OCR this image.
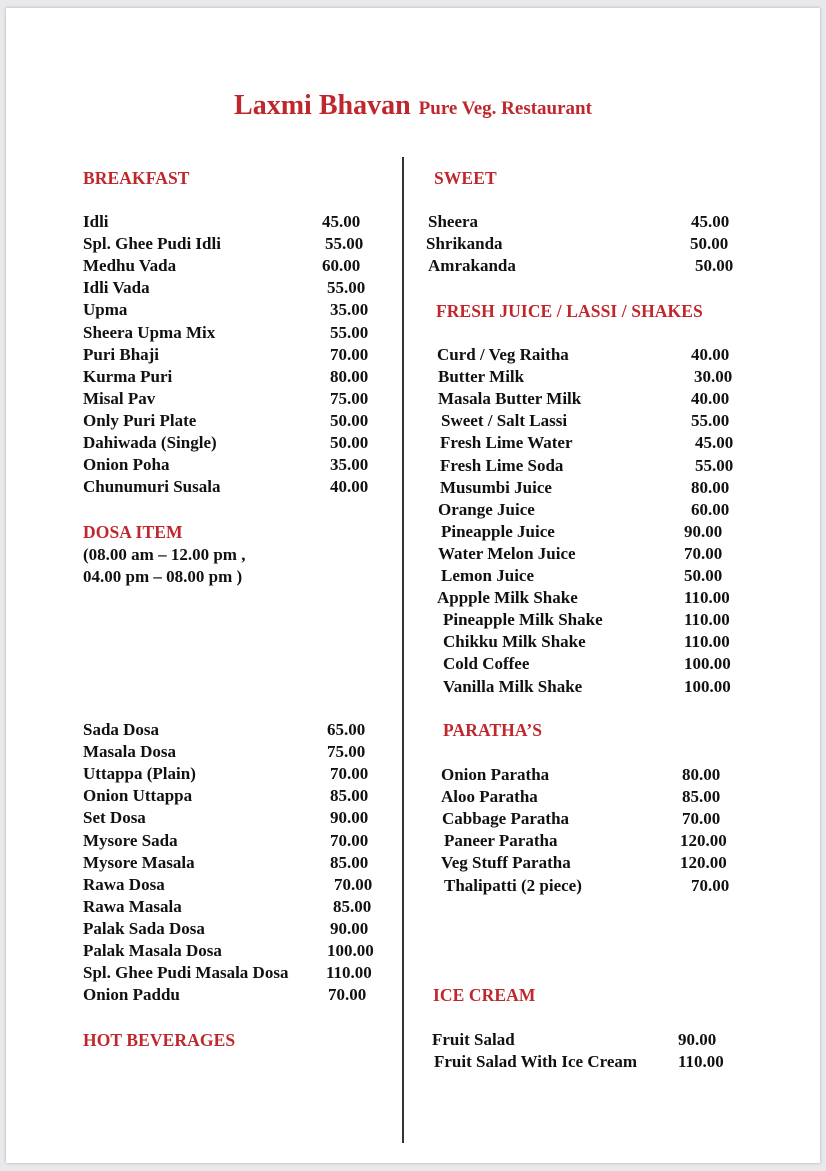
Laxmi Bhavan Pure Veg. Restaurant
BREAKFAST
DOSA ITEM
(08.00 am – 12.00 pm ,
04.00 pm – 08.00 pm )
HOT BEVERAGES
SWEET
FRESH JUICE / LASSI / SHAKES
PARATHA’S
ICE CREAM
Idli	45.00
Spl. Ghee Pudi Idli	55.00
Medhu Vada	60.00
Idli Vada	55.00
Upma	35.00
Sheera Upma Mix	55.00
Puri Bhaji	70.00
Kurma Puri	80.00
Misal Pav	75.00
Only Puri Plate	50.00
Dahiwada (Single)	50.00
Onion Poha	35.00
Chunumuri Susala	40.00
Sada Dosa	65.00
Masala Dosa	75.00
Uttappa (Plain)	70.00
Onion Uttappa	85.00
Set Dosa	90.00
Mysore Sada	70.00
Mysore Masala	85.00
Rawa Dosa	70.00
Rawa Masala	85.00
Palak Sada Dosa	90.00
Palak Masala Dosa	100.00
Spl. Ghee Pudi Masala Dosa 110.00
Onion Paddu	70.00
Sheera	45.00
Shrikanda	50.00
Amrakanda	50.00
Curd / Veg Raitha	40.00
Butter Milk	30.00
Masala Butter Milk	40.00
Sweet / Salt Lassi	55.00
Fresh Lime Water	45.00
Fresh Lime Soda	55.00
Musumbi Juice	80.00
Orange Juice	60.00
Pineapple Juice	90.00
Water Melon Juice	70.00
Lemon Juice	50.00
Appple Milk Shake	110.00
Pineapple Milk Shake	110.00
Chikku Milk Shake	110.00
Cold Coffee	100.00
Vanilla Milk Shake	100.00
Onion Paratha	80.00
Aloo Paratha	85.00
Cabbage Paratha	70.00
Paneer Paratha	120.00
Veg Stuff Paratha	120.00
Thalipatti (2 piece)	70.00
Fruit Salad	90.00
Fruit Salad With Ice Cream 110.00
